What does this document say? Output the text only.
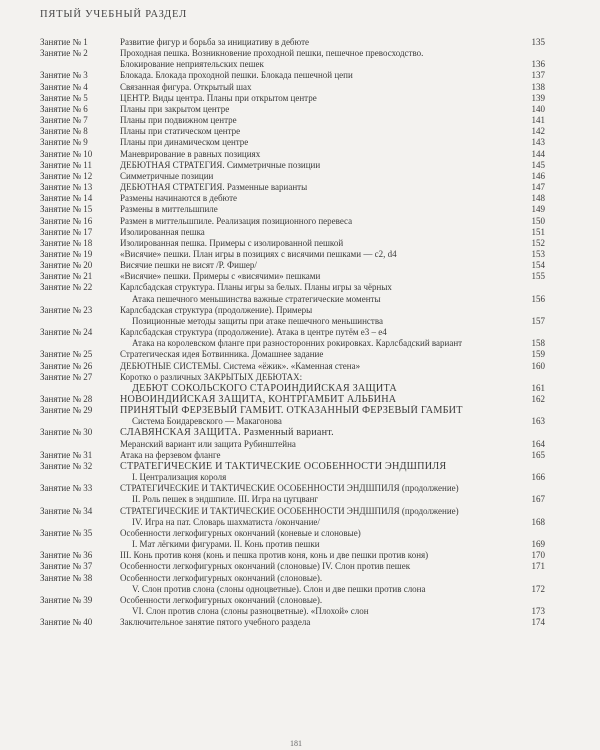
ПЯТЫЙ УЧЕБНЫЙ РАЗДЕЛ
Занятие № 1	Развитие фигур и борьба за инициативу в дебюте	135
Занятие № 2	Проходная пешка. Возникновение проходной пешки, пешечное превосходство.
Блокирование неприятельских пешек	136
Занятие № 3	Блокада. Блокада проходной пешки. Блокада пешечной цепи	137
Занятие № 4	Связанная фигура. Открытый шах	138
Занятие № 5	ЦЕНТР. Виды центра. Планы при открытом центре	139
Занятие № 6	Планы при закрытом центре	140
Занятие № 7	Планы при подвижном центре	141
Занятие № 8	Планы при статическом центре	142
Занятие № 9	Планы при динамическом центре	143
Занятие № 10	Маневрирование в равных позициях	144
Занятие № 11	ДЕБЮТНАЯ СТРАТЕГИЯ. Симметричные позиции	145
Занятие № 12	Симметричные позиции	146
Занятие № 13	ДЕБЮТНАЯ СТРАТЕГИЯ. Разменные варианты	147
Занятие № 14	Размены начинаются в дебюте	148
Занятие № 15	Размены в миттельшпиле	149
Занятие № 16	Размен в миттельшпиле. Реализация позиционного перевеса	150
Занятие № 17	Изолированная пешка	151
Занятие № 18	Изолированная пешка. Примеры с изолированной пешкой	152
Занятие № 19	«Висячие» пешки. План игры в позициях с висячими пешками — c2, d4	153
Занятие № 20	Висячие пешки не висят /Р. Фишер/	154
Занятие № 21	«Висячие» пешки. Примеры с «висячими» пешками	155
Занятие № 22	Карлсбадская структура. Планы игры за белых. Планы игры за чёрных
Атака пешечного меньшинства важные стратегические моменты	156
Занятие № 23	Карлсбадская структура (продолжение). Примеры
Позиционные методы защиты при атаке пешечного меньшинства	157
Занятие № 24	Карлсбадская структура (продолжение). Атака в центре путём e3 – e4
Атака на королевском фланге при разносторонних рокировках. Карлсбадский вариант	158
Занятие № 25	Стратегическая идея Ботвинника. Домашнее задание	159
Занятие № 26	ДЕБЮТНЫЕ СИСТЕМЫ. Система «ёжик». «Каменная стена»	160
Занятие № 27	Коротко о различных ЗАКРЫТЫХ ДЕБЮТАХ:
ДЕБЮТ СОКОЛЬСКОГО СТАРОИНДИЙСКАЯ ЗАЩИТА	161
Занятие № 28	НОВОИНДИЙСКАЯ ЗАЩИТА, КОНТРГАМБИТ АЛЬБИНА	162
Занятие № 29	ПРИНЯТЫЙ ФЕРЗЕВЫЙ ГАМБИТ. ОТКАЗАННЫЙ ФЕРЗЕВЫЙ ГАМБИТ
Система Боидаревского — Макагонова	163
Занятие № 30	СЛАВЯНСКАЯ ЗАЩИТА. Разменный вариант.
Меранский вариант или защита Рубинштейна	164
Занятие № 31	Атака на ферзевом фланге	165
Занятие № 32	СТРАТЕГИЧЕСКИЕ И ТАКТИЧЕСКИЕ ОСОБЕННОСТИ ЭНДШПИЛЯ
I. Централизация короля	166
Занятие № 33	СТРАТЕГИЧЕСКИЕ И ТАКТИЧЕСКИЕ ОСОБЕННОСТИ ЭНДШПИЛЯ (продолжение)
II. Роль пешек в эндшпиле. III. Игра на цугцванг	167
Занятие № 34	СТРАТЕГИЧЕСКИЕ И ТАКТИЧЕСКИЕ ОСОБЕННОСТИ ЭНДШПИЛЯ (продолжение)
IV. Игра на пат. Словарь шахматиста /окончание/	168
Занятие № 35	Особенности легкофигурных окончаний (коневые и слоновые)
I. Мат лёгкими фигурами. II. Конь против пешки	169
Занятие № 36	III. Конь против коня (конь и пешка против коня, конь и две пешки против коня)	170
Занятие № 37	Особенности легкофигурных окончаний (слоновые) IV. Слон против пешек	171
Занятие № 38	Особенности легкофигурных окончаний (слоновые).
V. Слон против слона (слоны одноцветные). Слон и две пешки против слона	172
Занятие № 39	Особенности легкофигурных окончаний (слоновые).
VI. Слон против слона (слоны разноцветные). «Плохой» слон	173
Занятие № 40	Заключительное занятие пятого учебного раздела	174
181
